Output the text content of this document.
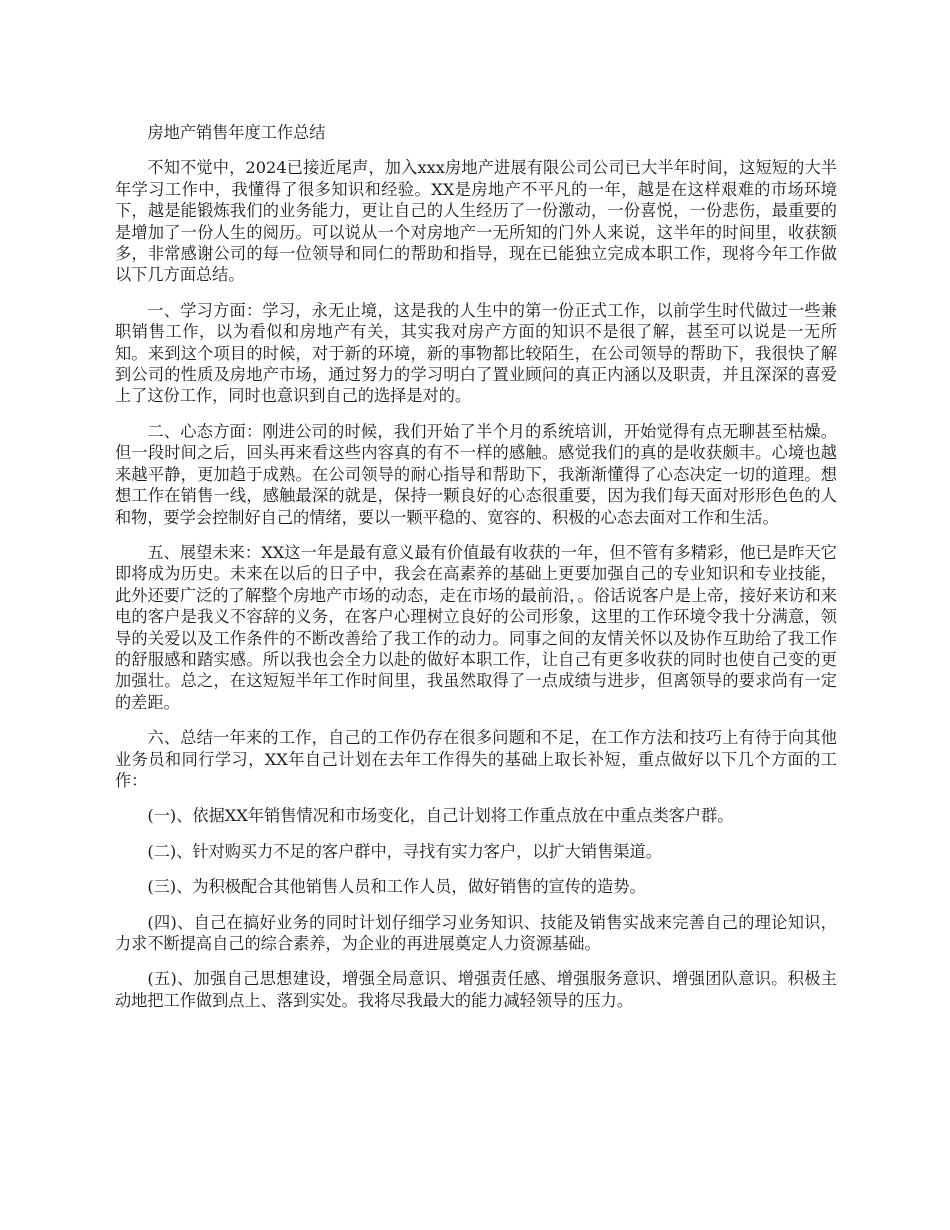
房地产销售年度工作总结

不知不觉中，2024已接近尾声，加入xxx房地产进展有限公司公司已大半年时间，这短短的大半年学习工作中，我懂得了很多知识和经验。XX是房地产不平凡的一年，越是在这样艰难的市场环境下，越是能锻炼我们的业务能力，更让自己的人生经历了一份激动，一份喜悦，一份悲伤，最重要的是增加了一份人生的阅历。可以说从一个对房地产一无所知的门外人来说，这半年的时间里，收获额多，非常感谢公司的每一位领导和同仁的帮助和指导，现在已能独立完成本职工作，现将今年工作做以下几方面总结。

一、学习方面：学习，永无止境，这是我的人生中的第一份正式工作，以前学生时代做过一些兼职销售工作，以为看似和房地产有关，其实我对房产方面的知识不是很了解，甚至可以说是一无所知。来到这个项目的时候，对于新的环境，新的事物都比较陌生，在公司领导的帮助下，我很快了解到公司的性质及房地产市场，通过努力的学习明白了置业顾问的真正内涵以及职责，并且深深的喜爱上了这份工作，同时也意识到自己的选择是对的。

二、心态方面：刚进公司的时候，我们开始了半个月的系统培训，开始觉得有点无聊甚至枯燥。但一段时间之后，回头再来看这些内容真的有不一样的感触。感觉我们的真的是收获颇丰。心境也越来越平静，更加趋于成熟。在公司领导的耐心指导和帮助下，我渐渐懂得了心态决定一切的道理。想想工作在销售一线，感触最深的就是，保持一颗良好的心态很重要，因为我们每天面对形形色色的人和物，要学会控制好自己的情绪，要以一颗平稳的、宽容的、积极的心态去面对工作和生活。

五、展望未来：XX这一年是最有意义最有价值最有收获的一年，但不管有多精彩，他已是昨天它即将成为历史。未来在以后的日子中，我会在高素养的基础上更要加强自己的专业知识和专业技能，此外还要广泛的了解整个房地产市场的动态，走在市场的最前沿，。俗话说客户是上帝，接好来访和来电的客户是我义不容辞的义务，在客户心理树立良好的公司形象，这里的工作环境令我十分满意，领导的关爱以及工作条件的不断改善给了我工作的动力。同事之间的友情关怀以及协作互助给了我工作的舒服感和踏实感。所以我也会全力以赴的做好本职工作，让自己有更多收获的同时也使自己变的更加强壮。总之，在这短短半年工作时间里，我虽然取得了一点成绩与进步，但离领导的要求尚有一定的差距。

六、总结一年来的工作，自己的工作仍存在很多问题和不足，在工作方法和技巧上有待于向其他业务员和同行学习，XX年自己计划在去年工作得失的基础上取长补短，重点做好以下几个方面的工作：

(一)、依据XX年销售情况和市场变化，自己计划将工作重点放在中重点类客户群。

(二)、针对购买力不足的客户群中，寻找有实力客户，以扩大销售渠道。

(三)、为积极配合其他销售人员和工作人员，做好销售的宣传的造势。

(四)、自己在搞好业务的同时计划仔细学习业务知识、技能及销售实战来完善自己的理论知识，力求不断提高自己的综合素养，为企业的再进展奠定人力资源基础。

(五)、加强自己思想建设，增强全局意识、增强责任感、增强服务意识、增强团队意识。积极主动地把工作做到点上、落到实处。我将尽我最大的能力减轻领导的压力。
